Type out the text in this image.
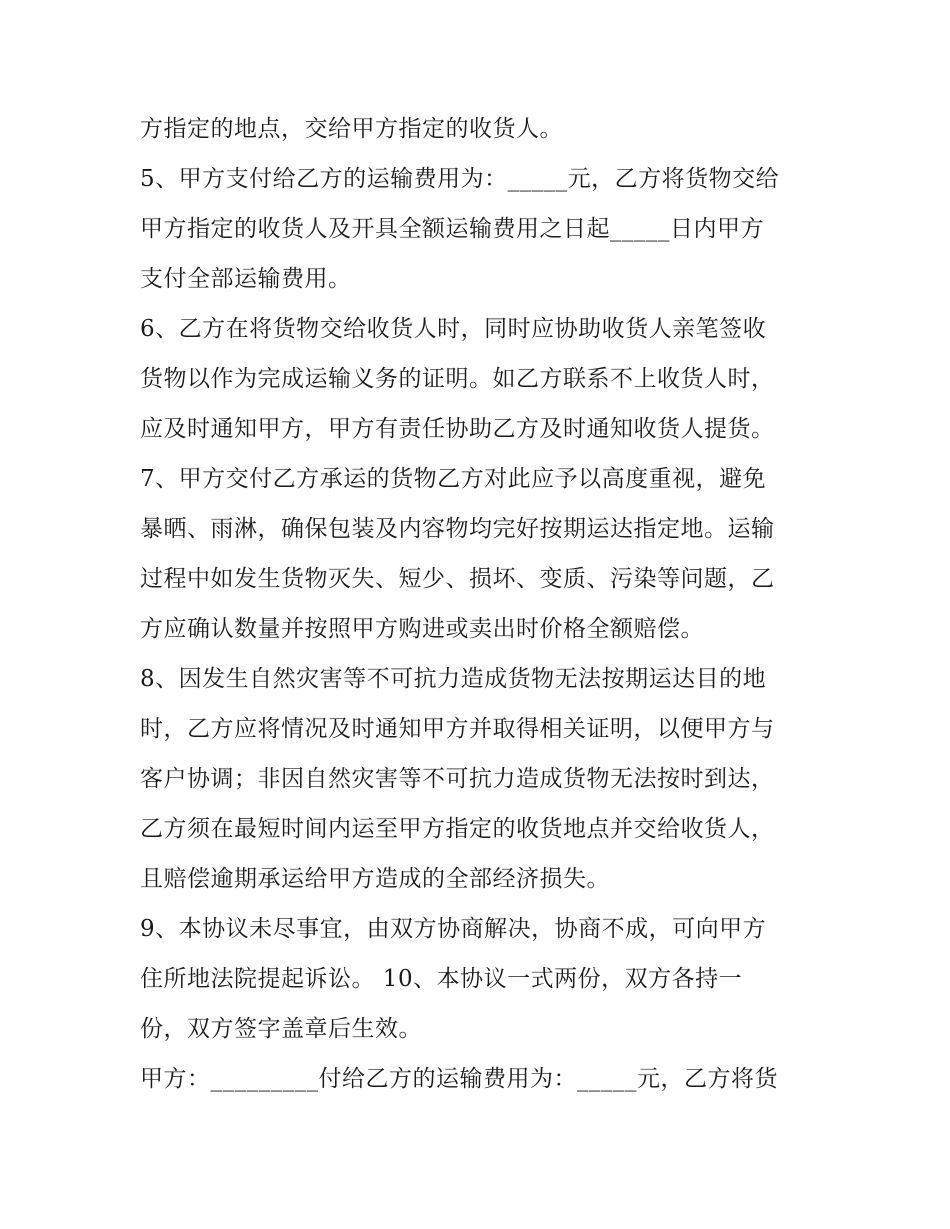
方指定的地点，交给甲方指定的收货人。
5、甲方支付给乙方的运输费用为：_____元，乙方将货物交给
甲方指定的收货人及开具全额运输费用之日起_____日内甲方
支付全部运输费用。
6、乙方在将货物交给收货人时，同时应协助收货人亲笔签收
货物以作为完成运输义务的证明。如乙方联系不上收货人时，
应及时通知甲方，甲方有责任协助乙方及时通知收货人提货。
7、甲方交付乙方承运的货物乙方对此应予以高度重视，避免
暴晒、雨淋，确保包装及内容物均完好按期运达指定地。运输
过程中如发生货物灭失、短少、损坏、变质、污染等问题，乙
方应确认数量并按照甲方购进或卖出时价格全额赔偿。
8、因发生自然灾害等不可抗力造成货物无法按期运达目的地
时，乙方应将情况及时通知甲方并取得相关证明，以便甲方与
客户协调；非因自然灾害等不可抗力造成货物无法按时到达，
乙方须在最短时间内运至甲方指定的收货地点并交给收货人，
且赔偿逾期承运给甲方造成的全部经济损失。
9、本协议未尽事宜，由双方协商解决，协商不成，可向甲方
住所地法院提起诉讼。 10、本协议一式两份，双方各持一
份，双方签字盖章后生效。
甲方：_________付给乙方的运输费用为：_____元，乙方将货
